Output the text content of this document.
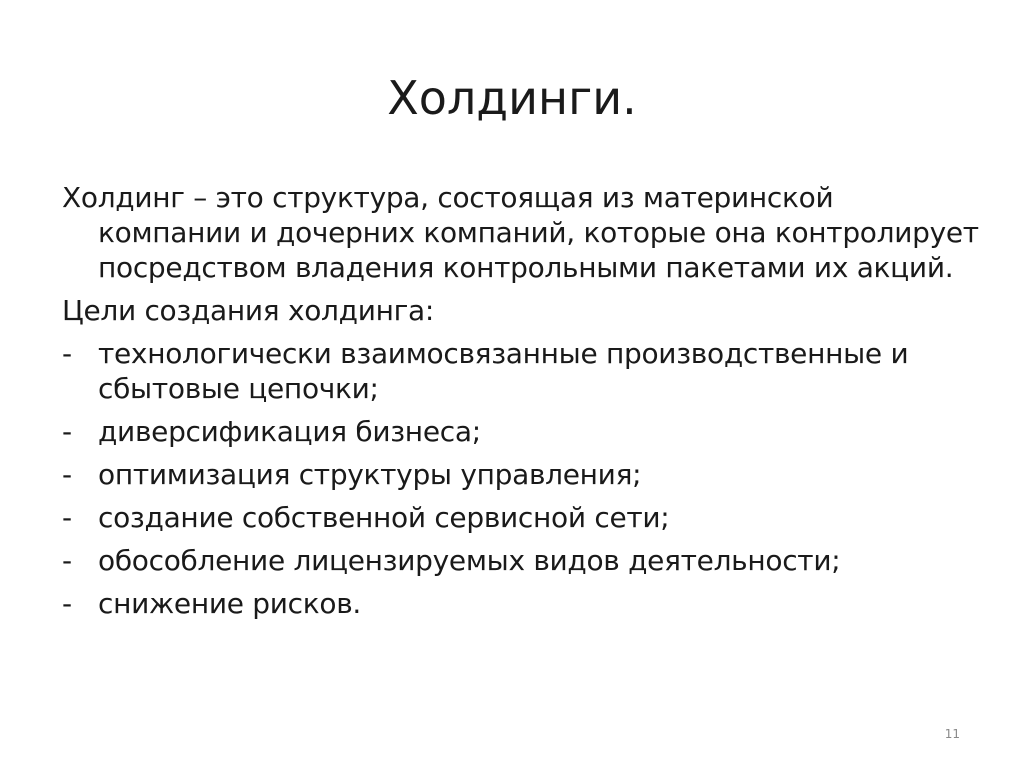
Холдинги.

Холдинг – это структура, состоящая из материнской компании и дочерних компаний, которые она контролирует посредством владения контрольными пакетами их акций.

Цели создания холдинга:

- технологически взаимосвязанные производственные и сбытовые цепочки;
- диверсификация бизнеса;
- оптимизация структуры управления;
- создание собственной сервисной сети;
- обособление лицензируемых видов деятельности;
- снижение рисков.
11
